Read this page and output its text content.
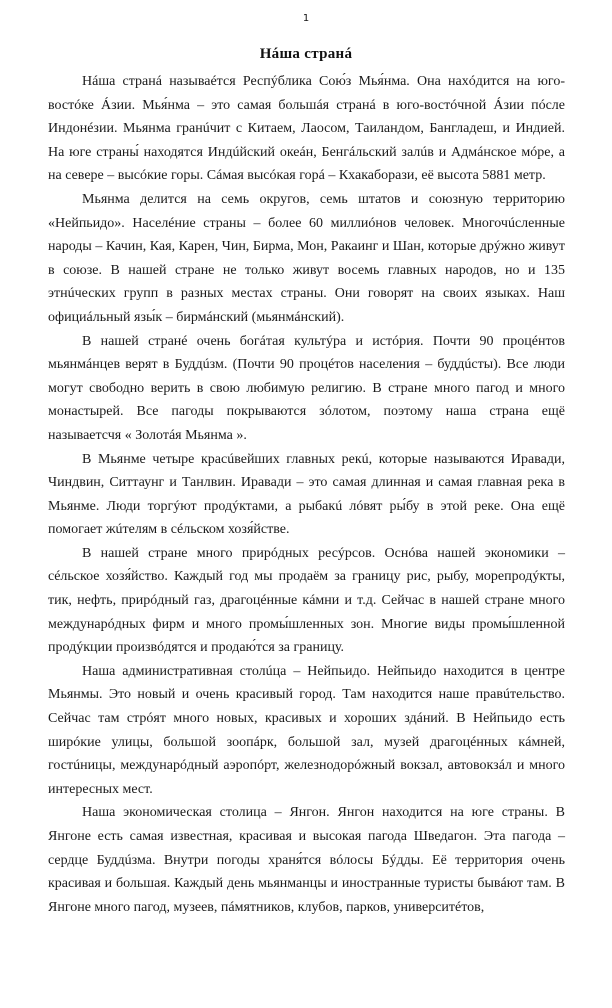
1
Нáша странá

Нáша странá называéтся Респýблика Сою́з Мья́нма. Она нахóдится на юго-востóке Áзии. Мья́нма – это самая большáя странá в юго-востóчной Áзии пóсле Индонéзии. Мьянма гранúчит с Китаем, Лаосом, Таиландом, Бангладеш, и Индией. На юге страны́ находятся Индúйский океáн, Бенгáльский залúв и Адмáнское мóре, а на севере – высóкие горы. Сáмая высóкая горá – Кхакаборази, её высота 5881 метр.

Мьянма делится на семь округов, семь штатов и союзную территорию «Нейпьидо». Населéние страны – более 60 миллиóнов человек. Многочúсленные народы – Качин, Кая, Карен, Чин, Бирма, Мон, Ракаинг и Шан, которые дрýжно живут в союзе. В нашей стране не только живут восемь главных народов, но и 135 этнúческих групп в разных местах страны. Они говорят на своих языках. Наш официáльный язы́к – бирмáнский (мьянмáнский).

В нашей странé очень богáтая культýра и истóрия. Почти 90 процéнтов мьянмáнцев верят в Буддúзм. (Почти 90 процéтов населения – буддúсты). Все люди могут свободно верить в свою любимую религию. В стране много пагод и много монастырей. Все пагоды покрываются зóлотом, поэтому наша страна ещё называетсчя « Золотáя Мьянма ».

В Мьянме четыре красúвейших главных рекú, которые называются Иравади, Чиндвин, Ситтаунг и Танлвин. Иравади – это самая длинная и самая главная река в Мьянме. Люди торгýют продýктами, а рыбакú лóвят ры́бу в этой реке. Она ещё помогает жúтелям в сéльском хозя́йстве.

В нашей стране много прирóдных ресýрсов. Оснóва нашей экономики – сéльское хозя́йство. Каждый год мы продаём за границу рис, рыбу, морепродýкты, тик, нефть, прирóдный газ, драгоцéнные кáмни и т.д. Сейчас в нашей стране много междунарóдных фирм и много промы́шленных зон. Многие виды промы́шленной продýкции произвóдятся и продаю́тся за границу.

Наша административная столúца – Нейпьидо. Нейпьидо находится в центре Мьянмы. Это новый и очень красивый город. Там находится наше правúтельство. Сейчас там стрóят много новых, красивых и хороших здáний. В Нейпьидо есть ширóкие улицы, большой зоопáрк, большой зал, музей драгоцéнных кáмней, гостúницы, междунарóдный аэропóрт, железнодорóжный вокзал, автовокзáл и много интересных мест.

Наша экономическая столица – Янгон. Янгон находится на юге страны. В Янгоне есть самая известная, красивая и высокая пагода Шведагон. Эта пагода – сердце Буддúзма. Внутри погоды храня́тся вóлосы Бýдды. Её территория очень красивая и большая. Каждый день мьянманцы и иностранные туристы бывáют там. В Янгоне много пагод, музеев, пáмятников, клубов, парков, университéтов,
